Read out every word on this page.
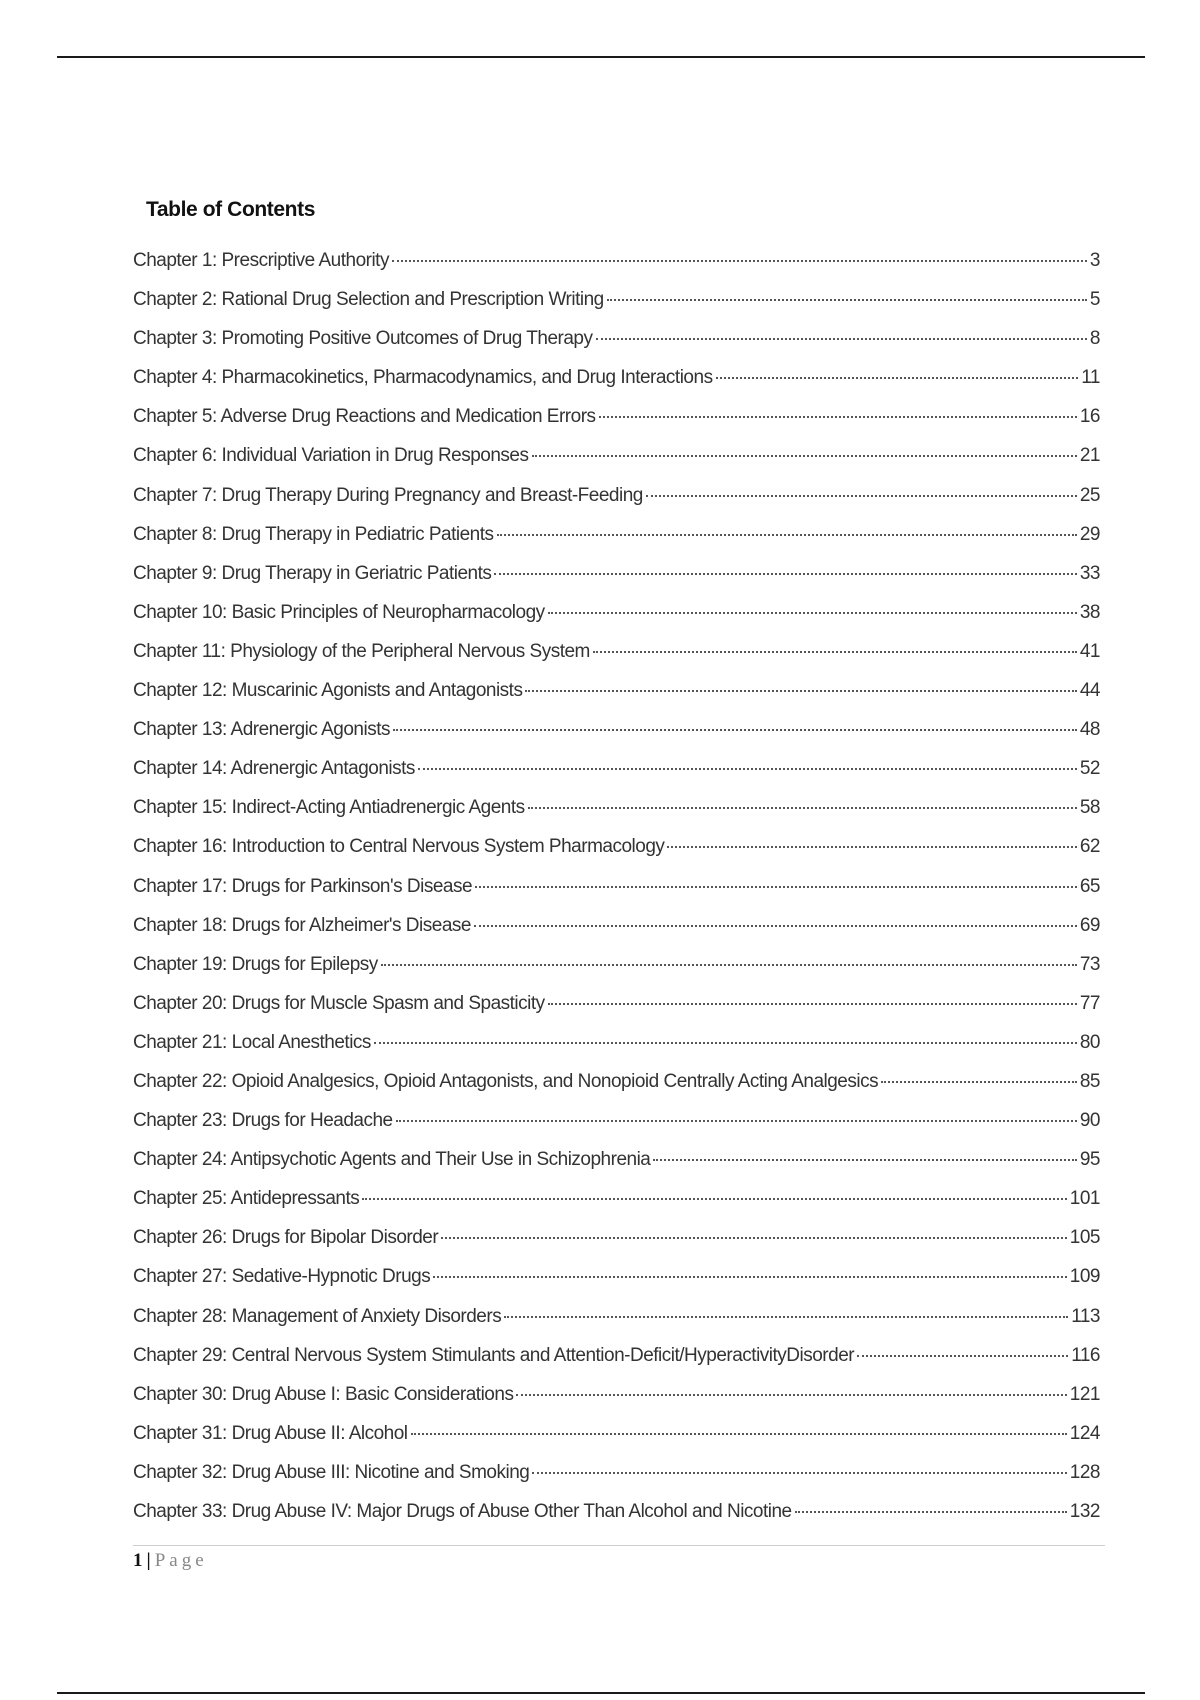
Table of Contents
Chapter 1: Prescriptive Authority	3
Chapter 2: Rational Drug Selection and Prescription Writing	5
Chapter 3: Promoting Positive Outcomes of Drug Therapy	8
Chapter 4: Pharmacokinetics, Pharmacodynamics, and Drug Interactions	11
Chapter 5: Adverse Drug Reactions and Medication Errors	16
Chapter 6: Individual Variation in Drug Responses	21
Chapter 7: Drug Therapy During Pregnancy and Breast-Feeding	25
Chapter 8: Drug Therapy in Pediatric Patients	29
Chapter 9: Drug Therapy in Geriatric Patients	33
Chapter 10: Basic Principles of Neuropharmacology	38
Chapter 11: Physiology of the Peripheral Nervous System	41
Chapter 12: Muscarinic Agonists and Antagonists	44
Chapter 13: Adrenergic Agonists	48
Chapter 14: Adrenergic Antagonists	52
Chapter 15: Indirect-Acting Antiadrenergic Agents	58
Chapter 16: Introduction to Central Nervous System Pharmacology	62
Chapter 17: Drugs for Parkinson's Disease	65
Chapter 18: Drugs for Alzheimer's Disease	69
Chapter 19: Drugs for Epilepsy	73
Chapter 20: Drugs for Muscle Spasm and Spasticity	77
Chapter 21: Local Anesthetics	80
Chapter 22: Opioid Analgesics, Opioid Antagonists, and Nonopioid Centrally Acting Analgesics	85
Chapter 23: Drugs for Headache	90
Chapter 24: Antipsychotic Agents and Their Use in Schizophrenia	95
Chapter 25: Antidepressants	101
Chapter 26: Drugs for Bipolar Disorder	105
Chapter 27: Sedative-Hypnotic Drugs	109
Chapter 28: Management of Anxiety Disorders	113
Chapter 29: Central Nervous System Stimulants and Attention-Deficit/HyperactivityDisorder	116
Chapter 30: Drug Abuse I: Basic Considerations	121
Chapter 31: Drug Abuse II: Alcohol	124
Chapter 32: Drug Abuse III: Nicotine and Smoking	128
Chapter 33: Drug Abuse IV: Major Drugs of Abuse Other Than Alcohol and Nicotine	132
1 | Page
